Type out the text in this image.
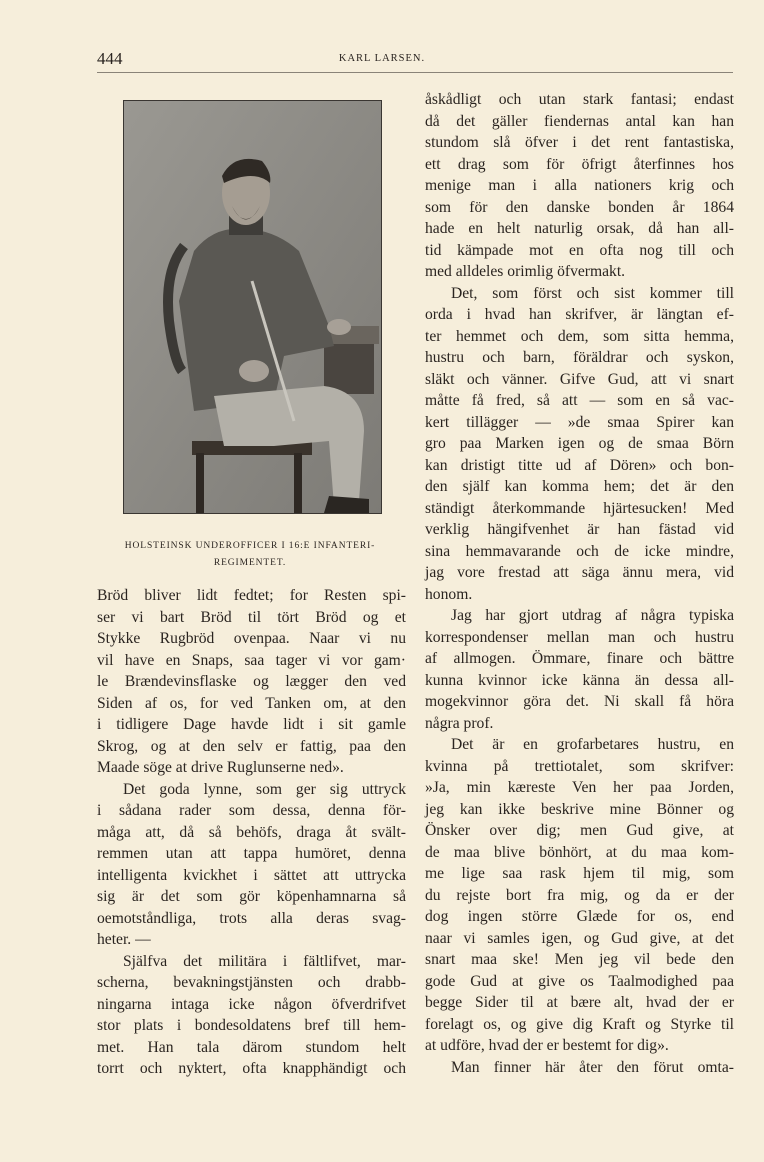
444	KARL LARSEN.
HOLSTEINSK UNDEROFFICER I 16:E INFANTERI-
REGIMENTET.
Bröd bliver lidt fedtet; for Resten spi-
ser vi bart Bröd til tört Bröd og et
Stykke Rugbröd ovenpaa. Naar vi nu
vil have en Snaps, saa tager vi vor gam·
le Brændevinsflaske og lægger den ved
Siden af os, for ved Tanken om, at den
i tidligere Dage havde lidt i sit gamle
Skrog, og at den selv er fattig, paa den
Maade söge at drive Ruglunserne ned».
Det goda lynne, som ger sig uttryck
i sådana rader som dessa, denna för-
måga att, då så behöfs, draga åt svält-
remmen utan att tappa humöret, denna
intelligenta kvickhet i sättet att uttrycka
sig är det som gör köpenhamnarna så
oemotståndliga, trots alla deras svag-
heter. —
Själfva det militära i fältlifvet, mar-
scherna, bevakningstjänsten och drabb-
ningarna intaga icke någon öfverdrifvet
stor plats i bondesoldatens bref till hem-
met. Han tala därom stundom helt
torrt och nyktert, ofta knapphändigt och
åskådligt och utan stark fantasi; endast
då det gäller fiendernas antal kan han
stundom slå öfver i det rent fantastiska,
ett drag som för öfrigt återfinnes hos
menige man i alla nationers krig och
som för den danske bonden år 1864
hade en helt naturlig orsak, då han all-
tid kämpade mot en ofta nog till och
med alldeles orimlig öfvermakt.
Det, som först och sist kommer till
orda i hvad han skrifver, är längtan ef-
ter hemmet och dem, som sitta hemma,
hustru och barn, föräldrar och syskon,
släkt och vänner. Gifve Gud, att vi snart
måtte få fred, så att — som en så vac-
kert tillägger — »de smaa Spirer kan
gro paa Marken igen og de smaa Börn
kan dristigt titte ud af Dören» och bon-
den själf kan komma hem; det är den
ständigt återkommande hjärtesucken! Med
verklig hängifvenhet är han fästad vid
sina hemmavarande och de icke mindre,
jag vore frestad att säga ännu mera, vid
honom.
Jag har gjort utdrag af några typiska
korrespondenser mellan man och hustru
af allmogen. Ömmare, finare och bättre
kunna kvinnor icke känna än dessa all-
mogekvinnor göra det. Ni skall få höra
några prof.
Det är en grofarbetares hustru, en
kvinna på trettiotalet, som skrifver:
»Ja, min kæreste Ven her paa Jorden,
jeg kan ikke beskrive mine Bönner og
Önsker over dig; men Gud give, at
de maa blive bönhört, at du maa kom-
me lige saa rask hjem til mig, som
du rejste bort fra mig, og da er der
dog ingen större Glæde for os, end
naar vi samles igen, og Gud give, at det
snart maa ske! Men jeg vil bede den
gode Gud at give os Taalmodighed paa
begge Sider til at bære alt, hvad der er
forelagt os, og give dig Kraft og Styrke til
at udföre, hvad der er bestemt for dig».
Man finner här åter den förut omta-
